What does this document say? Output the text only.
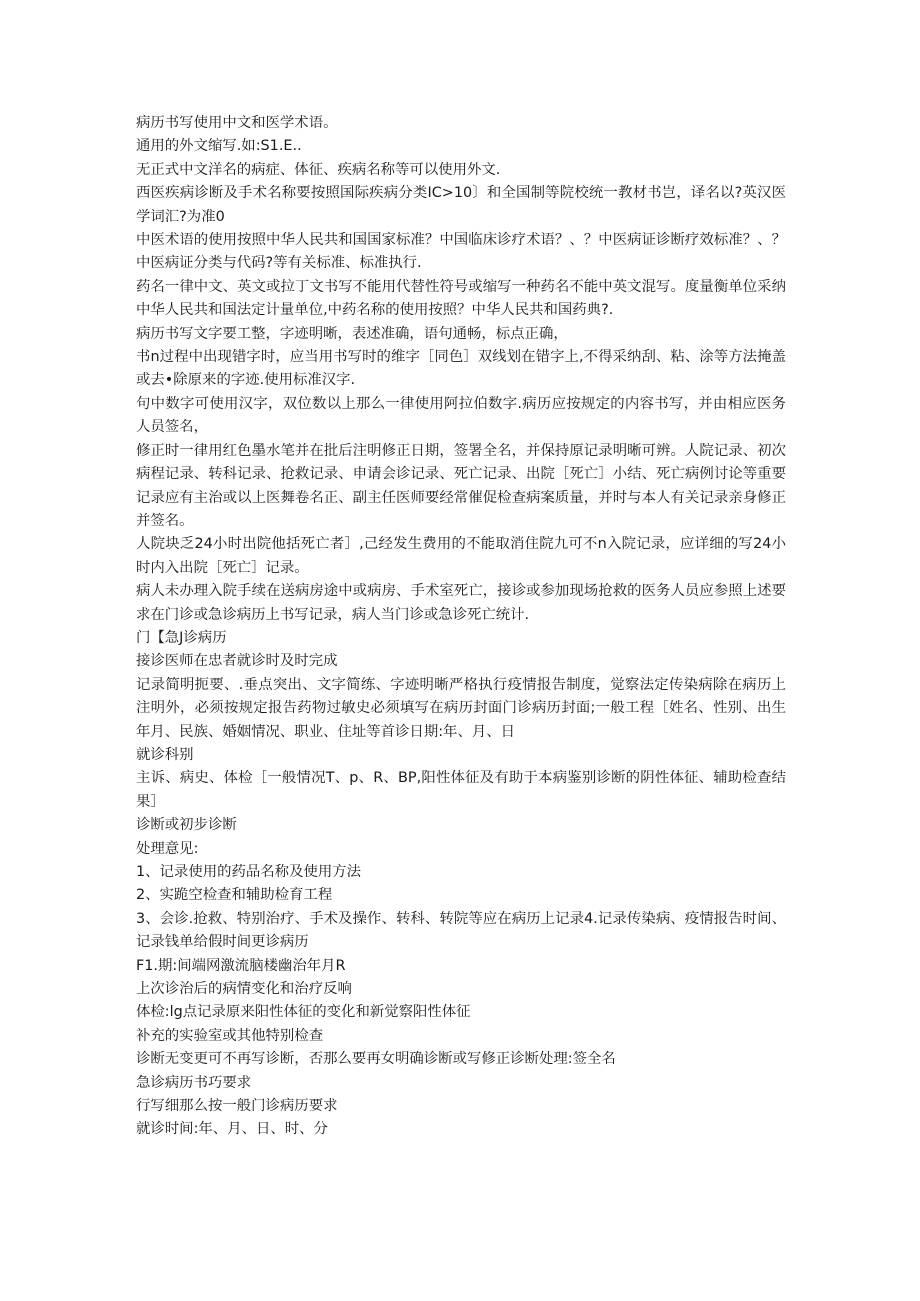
病历书写使用中文和医学术语。

通用的外文缩写.如:S1.E..

无正式中文洋名的病症、体征、疾病名称等可以使用外文.

西医疾病诊断及手术名称要按照国际疾病分类IC>10〕和全国制等院校统一教材书岂，译名以?英汉医学词汇?为准0

中医术语的使用按照中华人民共和国国家标准？中国临床诊疗术语？、？中医病证诊断疗效标准？、？中医病证分类与代码?等有关标准、标准执行.

药名一律中文、英文或拉丁文书写不能用代替性符号或缩写一种药名不能中英文混写。度量衡单位采纳中华人民共和国法定计量单位,中药名称的使用按照？中华人民共和国药典?.

病历书写文字要工整，字迹明晰，表述准确，语句通畅，标点正确，

书n过程中出现错字时，应当用书写时的维字［同色］双线划在错字上,不得采纳刮、粘、涂等方法掩盖或去•除原来的字迹.使用标准汉字.

句中数字可使用汉字，双位数以上那么一律使用阿拉伯数字.病历应按规定的内容书写，并由相应医务人员签名，

修正时一律用红色墨水笔并在批后注明修正日期，签署全名，并保持原记录明晰可辨。人院记录、初次病程记录、转科记录、抢救记录、申请会诊记录、死亡记录、出院［死亡］小结、死亡病例讨论等重要记录应有主治或以上医舞卷名正、副主任医师要经常催促检查病案质量，并时与本人有关记录亲身修正并签名。

人院块乏24小时出院他括死亡者］,己经发生费用的不能取消住院九可不n入院记录，应详细的写24小时内入出院［死亡］记录。

病人未办理入院手续在送病房途中或病房、手术室死亡，接诊或参加现场抢救的医务人员应参照上述要求在门诊或急诊病历上书写记录，病人当门诊或急诊死亡统计.

门【急J诊病历

接诊医师在忠者就诊时及时完成

记录简明扼要、.垂点突出、文字简练、字迹明晰严格执行疫情报告制度，觉察法定传染病除在病历上注明外，必须按规定报告药物过敏史必须填写在病历封面门诊病历封面;一般工程［姓名、性别、出生年月、民族、婚姻情况、职业、住址等首诊日期:年、月、日

就诊科别

主诉、病史、体检［一般情况T、p、R、BP,阳性体征及有助于本病鉴别诊断的阴性体征、辅助检查结果］

诊断或初步诊断

处理意见:

1、记录使用的药品名称及使用方法

2、实跪空检查和辅助检育工程

3、会诊.抢救、特别治疗、手术及操作、转科、转院等应在病历上记录4.记录传染病、疫情报告时间、记录钱单给假时间更诊病历

F1.期:间端网激流脑楼幽治年月R

上次诊治后的病情变化和治疗反响

体检:lg点记录原来阳性体征的变化和新觉察阳性体征

补充的实验室或其他特别检查

诊断无变更可不再写诊断，否那么要再女明确诊断或写修正诊断处理:签全名

急诊病历书巧要求

行写细那么按一般门诊病历要求

就诊时间:年、月、日、时、分
